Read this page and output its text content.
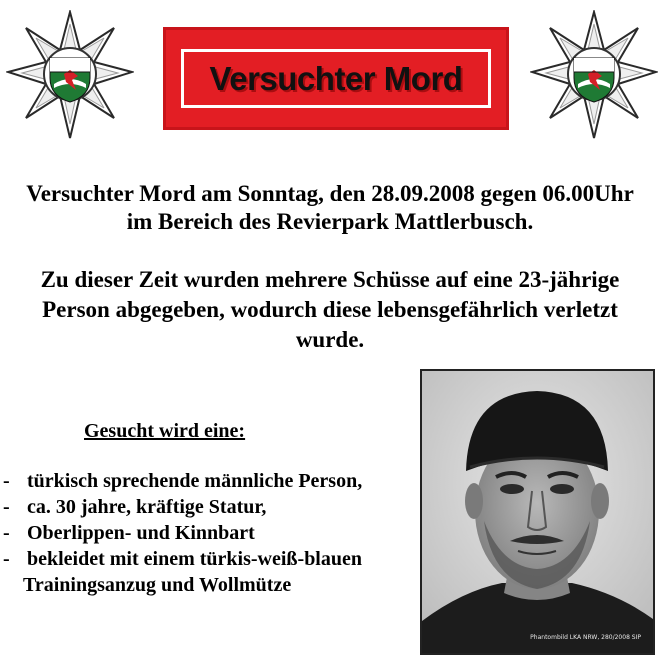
Versuchter Mord
Versuchter Mord am Sonntag, den 28.09.2008 gegen 06.00Uhr
im Bereich des Revierpark Mattlerbusch.
Zu dieser Zeit wurden mehrere Schüsse auf eine 23-jährige
Person abgegeben, wodurch diese lebensgefährlich verletzt
wurde.
Gesucht wird eine:
- türkisch sprechende männliche Person,
- ca. 30 jahre, kräftige Statur,
- Oberlippen- und Kinnbart
- bekleidet mit einem türkis-weiß-blauen
Trainingsanzug und Wollmütze
Phantombild LKA NRW, 280/2008 SIP
